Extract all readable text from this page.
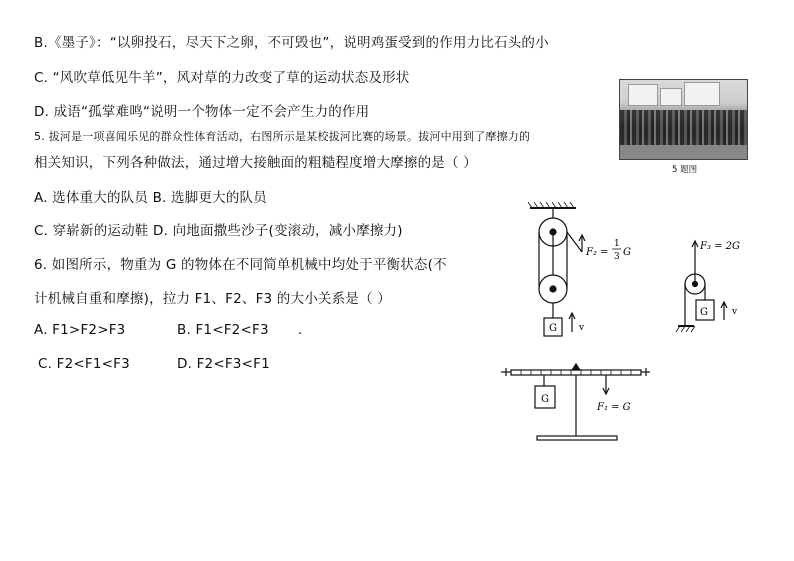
B.《墨子》：“以卵投石，尽天下之卵，不可毁也”，说明鸡蛋受到的作用力比石头的小
C. “风吹草低见牛羊”，风对草的力改变了草的运动状态及形状
D. 成语“孤掌难鸣“说明一个物体一定不会产生力的作用
5. 拔河是一项喜闻乐见的群众性体育活动，右图所示是某校拔河比赛的场景。拔河中用到了摩擦力的
相关知识，下列各种做法，通过增大接触面的粗糙程度增大摩擦的是（ ）
A. 选体重大的队员 B. 选脚更大的队员
C. 穿崭新的运动鞋 D. 向地面撒些沙子(变滚动，减小摩擦力)
6. 如图所示，物重为 G 的物体在不同简单机械中均处于平衡状态(不
计机械自重和摩擦)，拉力 F1、F2、F3 的大小关系是（ ）
A. F1>F2>F3	B. F1<F2<F3 .
C. F2<F1<F3	D. F2<F3<F1
5 题图
F₂ =
1
3 G
G v
F₃ = 2G
G	v
G
F₁ = G
